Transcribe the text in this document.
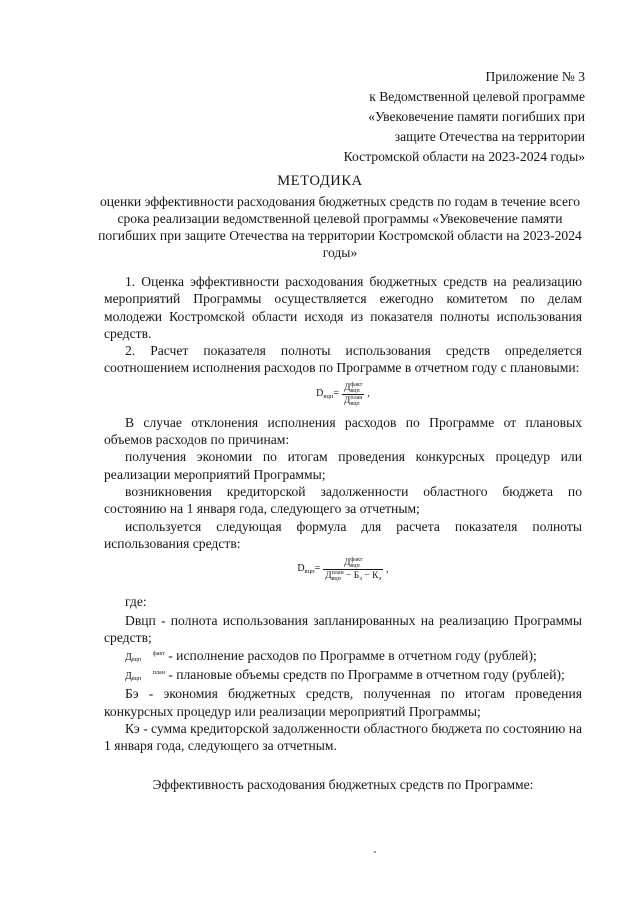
Приложение № 3
к Ведомственной целевой программе
«Увековечение памяти погибших при
защите Отечества на территории
Костромской области на 2023-2024 годы»
МЕТОДИКА
оценки эффективности расходования бюджетных средств по годам в течение всего срока реализации ведомственной целевой программы «Увековечение памяти погибших при защите Отечества на территории Костромской области на 2023-2024 годы»

1. Оценка эффективности расходования бюджетных средств на реализацию мероприятий Программы осуществляется ежегодно комитетом по делам молодежи Костромской области исходя из показателя полноты использования средств.

2. Расчет показателя полноты использования средств определяется соотношением исполнения расходов по Программе в отчетном году с плановыми:

$D_{вцп}=$ Дфакт
вцп
Дплан
вцп
,

В случае отклонения исполнения расходов по Программе от плановых объемов расходов по причинам:

получения экономии по итогам проведения конкурсных процедур или реализации мероприятий Программы;

возникновения кредиторской задолженности областного бюджета по состоянию на 1 января года, следующего за отчетным;

используется следующая формула для расчета показателя полноты использования средств:

$D_{вцп}=$	Дфакт
вцп
Дплан
вцп − $Б_э - К_э$
,

где:

Dвцп - полнота использования запланированных на реализацию Программы средств;

Д	факт
вцп - исполнение расходов по Программе в отчетном году (рублей);

Д	план
вцп - плановые объемы средств по Программе в отчетном году (рублей);

Бэ - экономия бюджетных средств, полученная по итогам проведения конкурсных процедур или реализации мероприятий Программы;

Кэ - сумма кредиторской задолженности областного бюджета по состоянию на 1 января года, следующего за отчетным.

Эффективность расходования бюджетных средств по Программе:
